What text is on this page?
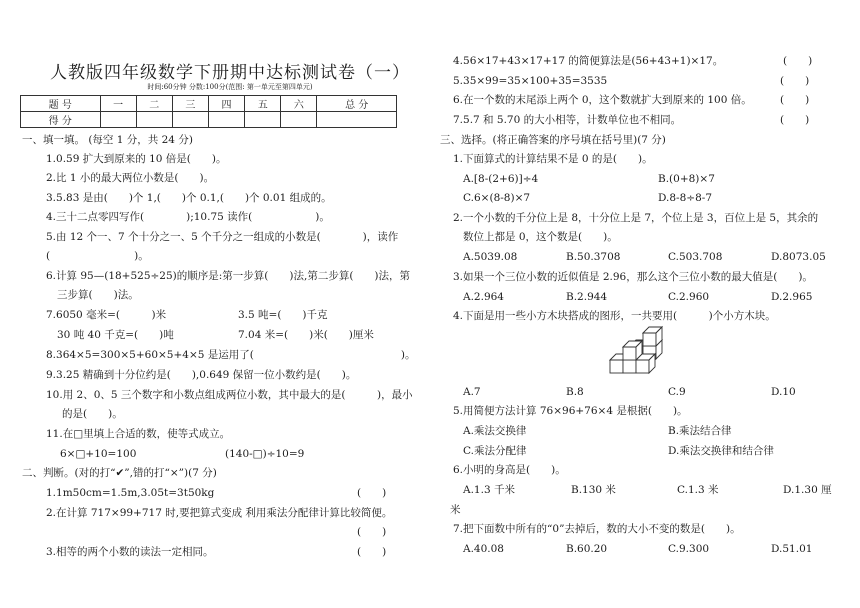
人教版四年级数学下册期中达标测试卷（一）
时间:60分钟 分数:100分(范围: 第一单元至第四单元)
题 号	一	二	三	四	五	六	总 分
得 分							
一、填一填。 (每空 1 分，共 24 分)
1.0.59 扩大到原来的 10 倍是(　　)。
2.比 1 小的最大两位小数是(　　)。
3.5.83 是由(　　)个 1,(　　)个 0.1,(　　)个 0.01 组成的。
4.三十二点零四写作(　　　　);10.75 读作(　　　　　　)。
5.由 12 个一、7 个十分之一、5 个千分之一组成的小数是(　　　　)，读作
(　　　　　　　　)。
6.计算 95—(18+525÷25)的顺序是:第一步算(　　)法,第二步算(　　)法，第
三步算(　　)法。
7.6050 毫米=(　　　)米	3.5 吨=(　　)千克
30 吨 40 千克=(　　)吨	7.04 米=(　　)米(　　)厘米
8.364×5=300×5+60×5+4×5 是运用了(　　　　　　　　　　　　　　)。
9.3.25 精确到十分位约是(　　),0.649 保留一位小数约是(　　)。
10.用 2、0、5 三个数字和小数点组成两位小数，其中最大的是(　　　)，最小
的是(　　)。
11.在□里填上合适的数，使等式成立。
6×□+10=100	(140-□)÷10=9
二、判断。(对的打“✔”,错的打“×”)(7 分)
1.1m50cm=1.5m,3.05t=3t50kg	(　　)
2.在计算 717×99+717 时,要把算式变成 利用乘法分配律计算比较简便。
(　　)
3.相等的两个小数的读法一定相同。	(　　)
4.56×17+43×17+17 的简便算法是(56+43+1)×17。	(　　)
5.35×99=35×100+35=3535	(　　)
6.在一个数的末尾添上两个 0，这个数就扩大到原来的 100 倍。	(　　)
7.5.7 和 5.70 的大小相等，计数单位也不相同。	(　　)
三、选择。(将正确答案的序号填在括号里)(7 分)
1.下面算式的计算结果不是 0 的是(　　)。
A.[8-(2+6)]÷4	B.(0+8)×7
C.6×(8-8)×7	D.8-8÷8-7
2.一个小数的千分位上是 8，十分位上是 7，个位上是 3，百位上是 5，其余的
数位上都是 0，这个数是(　　)。
A.5039.08	B.50.3708	C.503.708	D.8073.05
3.如果一个三位小数的近似值是 2.96，那么这个三位小数的最大值是(　　)。
A.2.964	B.2.944	C.2.960	D.2.965
4.下面是用一些小方木块搭成的图形，一共要用(　　　)个小方木块。
A.7	B.8	C.9	D.10
5.用简便方法计算 76×96+76×4 是根据(　　)。
A.乘法交换律	B.乘法结合律
C.乘法分配律	D.乘法交换律和结合律
6.小明的身高是(　　)。
A.1.3 千米	B.130 米	C.1.3 米	D.1.30 厘
米
7.把下面数中所有的“0”去掉后，数的大小不变的数是(　　)。
A.40.08	B.60.20	C.9.300	D.51.01
